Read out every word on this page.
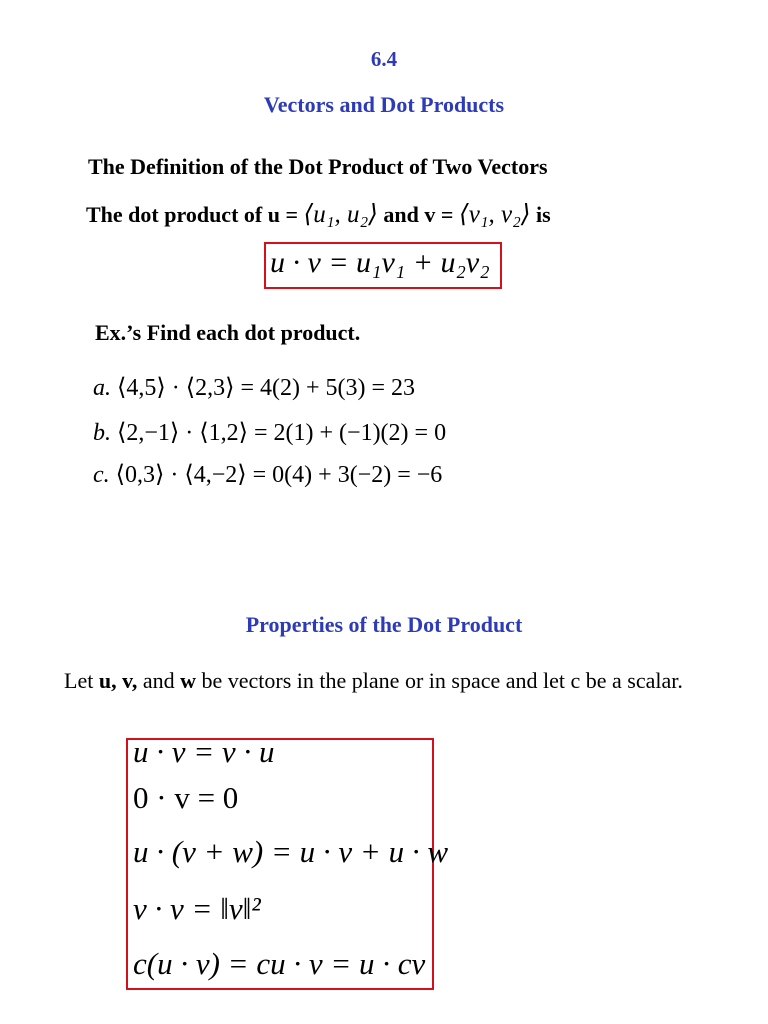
6.4
Vectors and Dot Products
The Definition of the Dot Product of Two Vectors
The dot product of u = ⟨u₁, u₂⟩ and v = ⟨v₁, v₂⟩ is
u · v = u₁v₁ + u₂v₂
Ex.’s Find each dot product.
a. ⟨4,5⟩ · ⟨2,3⟩ = 4(2) + 5(3) = 23
b. ⟨2,−1⟩ · ⟨1,2⟩ = 2(1) + (−1)(2) = 0
c. ⟨0,3⟩ · ⟨4,−2⟩ = 0(4) + 3(−2) = −6
Properties of the Dot Product
Let u, v, and w be vectors in the plane or in space and let c be a scalar.
u · v = v · u
0 · v = 0
u · (v + w) = u · v + u · w
v · v = ‖v‖²
c(u · v) = cu · v = u · cv
